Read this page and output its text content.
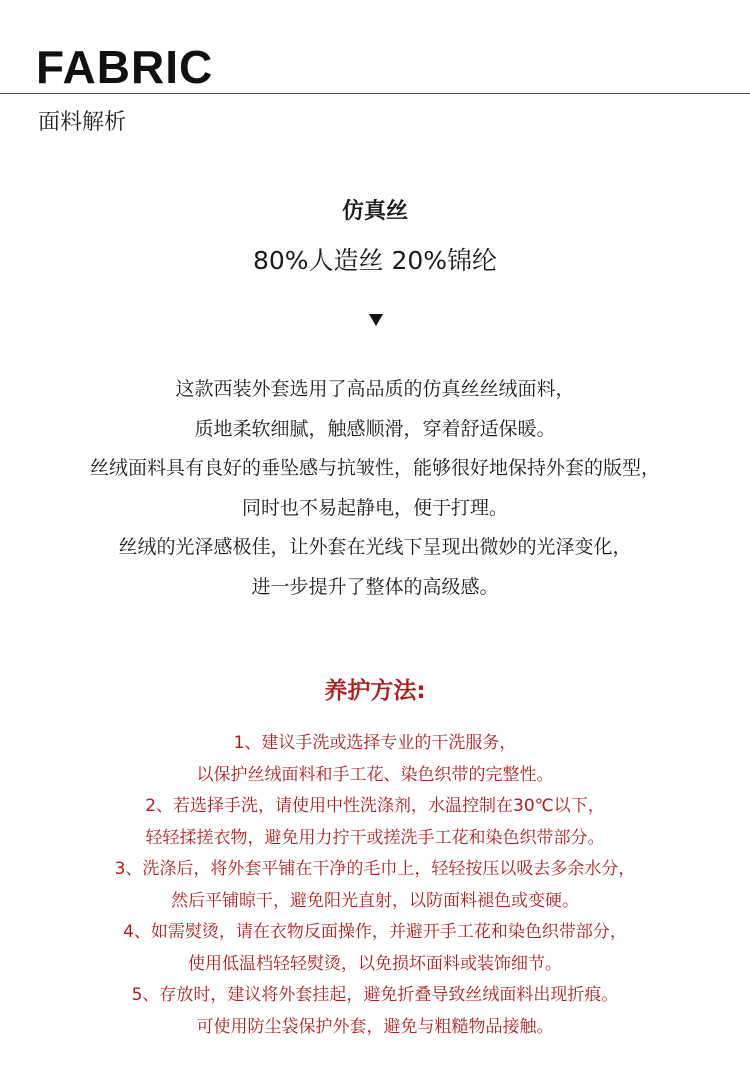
FABRIC
面料解析
仿真丝
80%人造丝 20%锦纶
这款西装外套选用了高品质的仿真丝丝绒面料，
质地柔软细腻，触感顺滑，穿着舒适保暖。
丝绒面料具有良好的垂坠感与抗皱性，能够很好地保持外套的版型，
同时也不易起静电，便于打理。
丝绒的光泽感极佳，让外套在光线下呈现出微妙的光泽变化，
进一步提升了整体的高级感。
养护方法:
1、建议手洗或选择专业的干洗服务，
以保护丝绒面料和手工花、染色织带的完整性。
2、若选择手洗，请使用中性洗涤剂，水温控制在30℃以下，
轻轻揉搓衣物，避免用力拧干或搓洗手工花和染色织带部分。
3、洗涤后，将外套平铺在干净的毛巾上，轻轻按压以吸去多余水分，
然后平铺晾干，避免阳光直射，以防面料褪色或变硬。
4、如需熨烫，请在衣物反面操作，并避开手工花和染色织带部分，
使用低温档轻轻熨烫，以免损坏面料或装饰细节。
5、存放时，建议将外套挂起，避免折叠导致丝绒面料出现折痕。
可使用防尘袋保护外套，避免与粗糙物品接触。
